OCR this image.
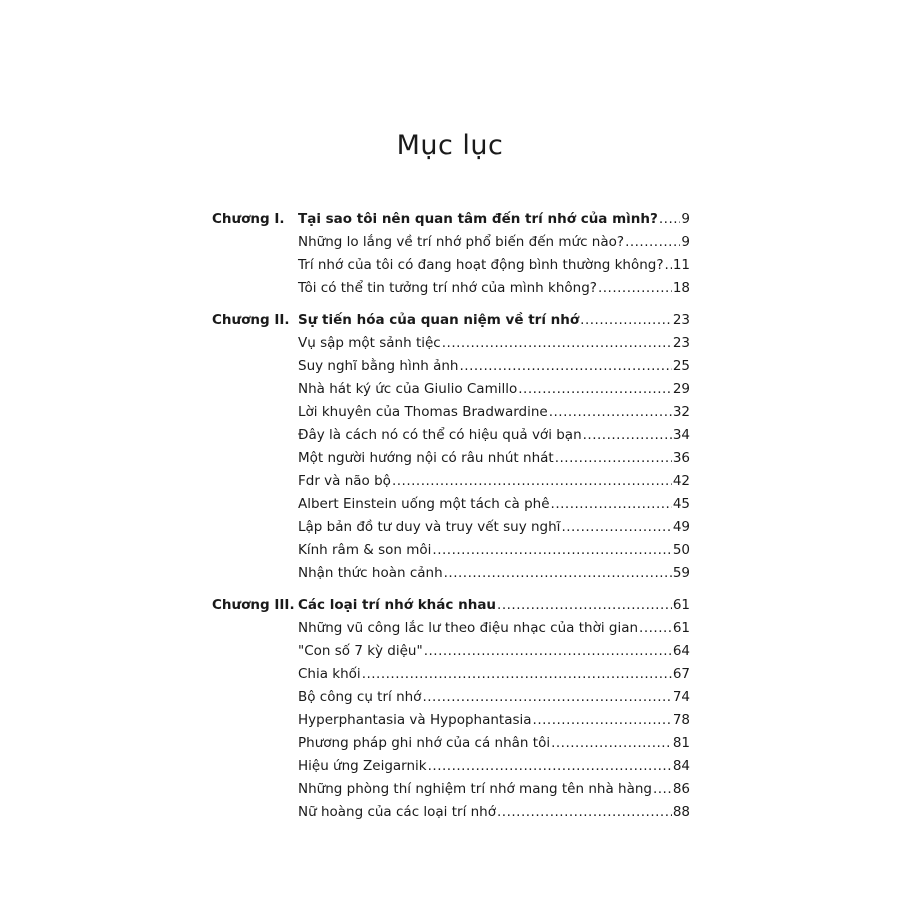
Mục lục
Chương I. Tại sao tôi nên quan tâm đến trí nhớ của mình? ..... 9
Những lo lắng về trí nhớ phổ biến đến mức nào? .....	9
Trí nhớ của tôi có đang hoạt động bình thường không? ..... 11
Tôi có thể tin tưởng trí nhớ của mình không? .....	18
Chương II. Sự tiến hóa của quan niệm về trí nhớ .....	23
Vụ sập một sảnh tiệc .....	23
Suy nghĩ bằng hình ảnh .....	25
Nhà hát ký ức của Giulio Camillo .....	29
Lời khuyên của Thomas Bradwardine .....	32
Đây là cách nó có thể có hiệu quả với bạn .....	34
Một người hướng nội có râu nhút nhát .....	36
Fdr và não bộ .....	42
Albert Einstein uống một tách cà phê .....	45
Lập bản đồ tư duy và truy vết suy nghĩ .....	49
Kính râm & son môi .....	50
Nhận thức hoàn cảnh .....	59
Chương III. Các loại trí nhớ khác nhau .....	61
Những vũ công lắc lư theo điệu nhạc của thời gian .....	61
"Con số 7 kỳ diệu" .....	64
Chia khối .....	67
Bộ công cụ trí nhớ .....	74
Hyperphantasia và Hypophantasia .....	78
Phương pháp ghi nhớ của cá nhân tôi .....	81
Hiệu ứng Zeigarnik .....	84
Những phòng thí nghiệm trí nhớ mang tên nhà hàng ..... 86
Nữ hoàng của các loại trí nhớ .....	88
